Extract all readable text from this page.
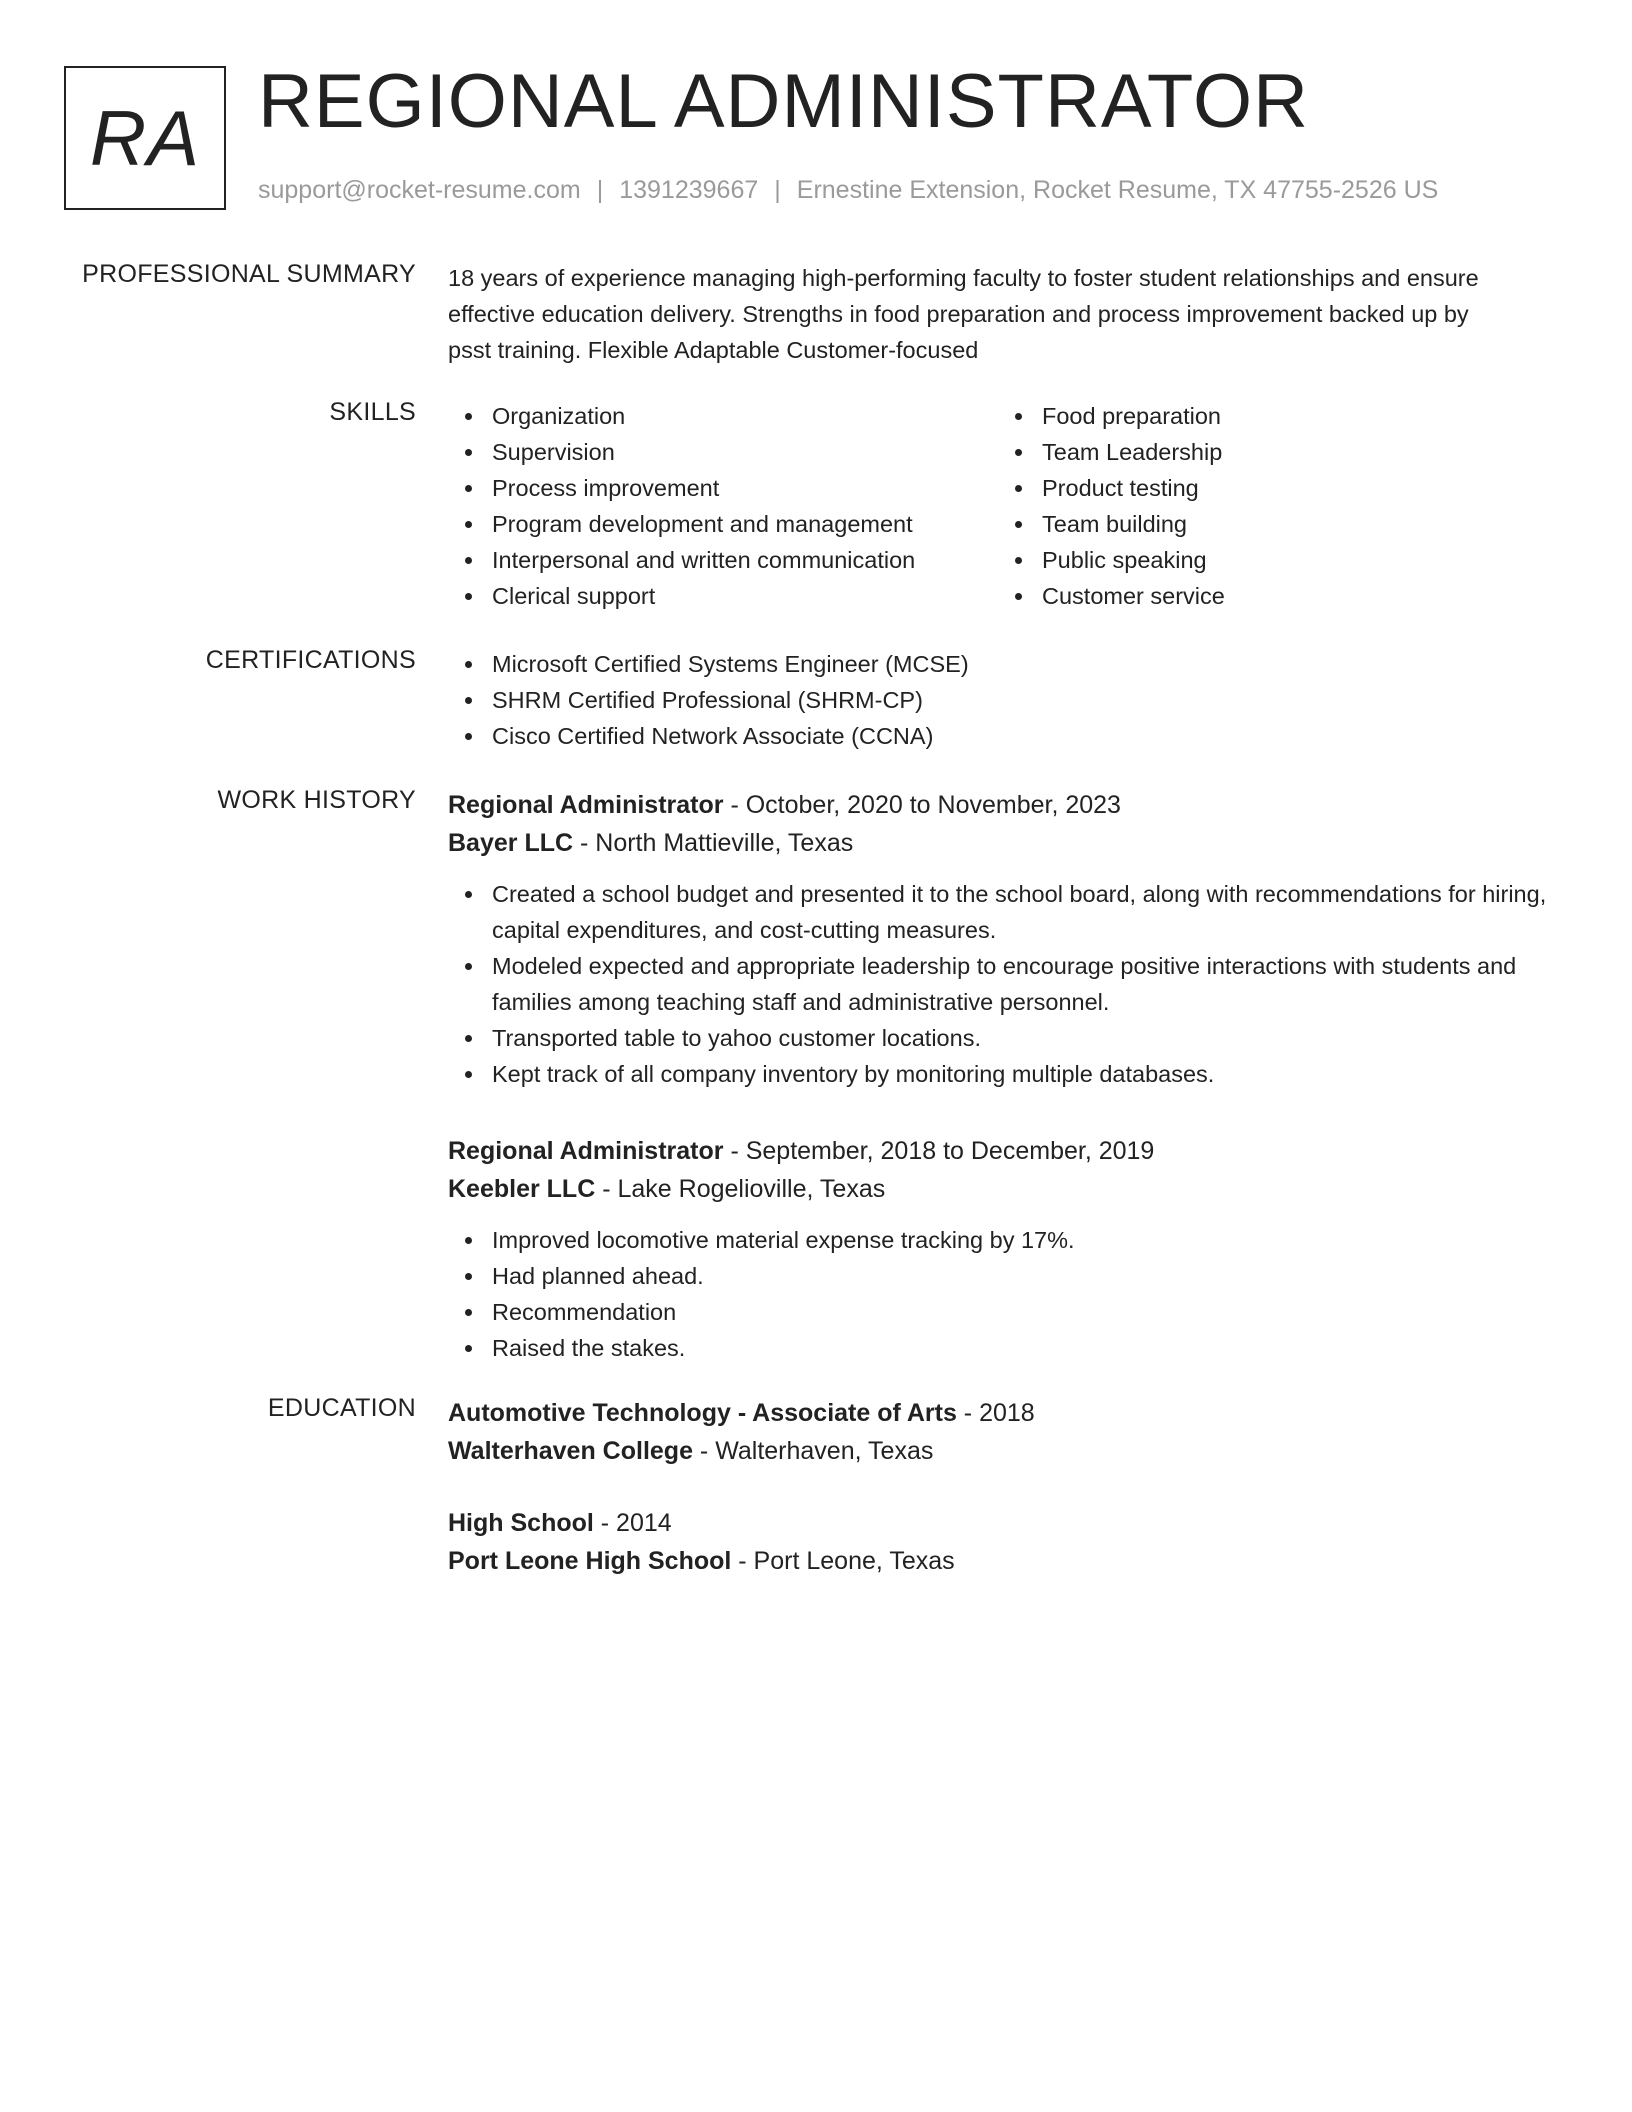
RA REGIONAL ADMINISTRATOR
support@rocket-resume.com | 1391239667 | Ernestine Extension, Rocket Resume, TX 47755-2526 US
PROFESSIONAL SUMMARY 18 years of experience managing high-performing faculty to foster student relationships and ensure
effective education delivery. Strengths in food preparation and process improvement backed up by
psst training. Flexible Adaptable Customer-focused
SKILLS	Organization
Supervision
Process improvement
Program development and management
Interpersonal and written communication
Clerical support
Food preparation
Team Leadership
Product testing
Team building
Public speaking
Customer service
CERTIFICATIONS	Microsoft Certified Systems Engineer (MCSE)
SHRM Certified Professional (SHRM-CP)
Cisco Certified Network Associate (CCNA)
WORK HISTORY Regional Administrator - October, 2020 to November, 2023
Bayer LLC - North Mattieville, Texas
Created a school budget and presented it to the school board, along with recommendations for hiring, capital expenditures, and cost-cutting measures.
Modeled expected and appropriate leadership to encourage positive interactions with students and families among teaching staff and administrative personnel.
Transported table to yahoo customer locations.
Kept track of all company inventory by monitoring multiple databases.
Regional Administrator - September, 2018 to December, 2019
Keebler LLC - Lake Rogelioville, Texas
Improved locomotive material expense tracking by 17%.
Had planned ahead.
Recommendation
Raised the stakes.
EDUCATION Automotive Technology - Associate of Arts - 2018
Walterhaven College - Walterhaven, Texas
High School - 2014
Port Leone High School - Port Leone, Texas
